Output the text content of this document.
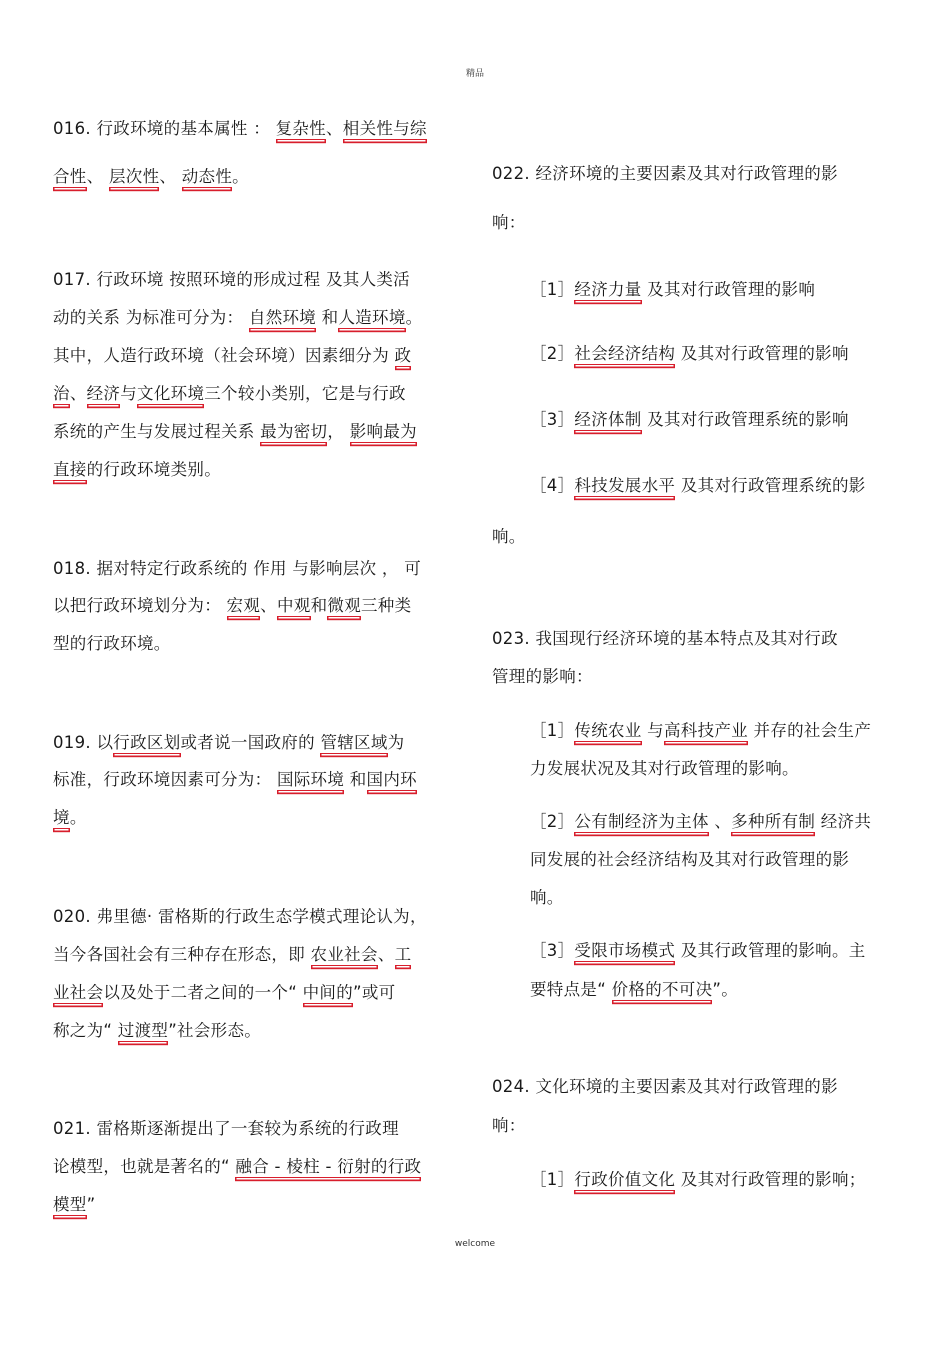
精品
016. 行政环境的基本属性 ： 复杂性、相关性与综
合性、 层次性、 动态性。
017. 行政环境 按照环境的形成过程 及其人类活
动的关系 为标准可分为： 自然环境 和人造环境。
其中，人造行政环境（社会环境）因素细分为 政
治、经济与文化环境三个较小类别，它是与行政
系统的产生与发展过程关系 最为密切， 影响最为
直接的行政环境类别。
018. 据对特定行政系统的 作用 与影响层次 ， 可
以把行政环境划分为： 宏观、中观和微观三种类
型的行政环境。
019. 以行政区划或者说一国政府的 管辖区域为
标准，行政环境因素可分为： 国际环境 和国内环
境。
020. 弗里德· 雷格斯的行政生态学模式理论认为，
当今各国社会有三种存在形态，即 农业社会、工
业社会以及处于二者之间的一个“ 中间的”或可
称之为“ 过渡型”社会形态。
021. 雷格斯逐渐提出了一套较为系统的行政理
论模型，也就是著名的“ 融合 - 棱柱 - 衍射的行政
模型”
022. 经济环境的主要因素及其对行政管理的影
响：
［1］经济力量 及其对行政管理的影响
［2］社会经济结构 及其对行政管理的影响
［3］经济体制 及其对行政管理系统的影响
［4］科技发展水平 及其对行政管理系统的影
响。
023. 我国现行经济环境的基本特点及其对行政
管理的影响：
［1］传统农业 与高科技产业 并存的社会生产
力发展状况及其对行政管理的影响。
［2］公有制经济为主体 、多种所有制 经济共
同发展的社会经济结构及其对行政管理的影
响。
［3］受限市场模式 及其行政管理的影响。主
要特点是“ 价格的不可决”。
024. 文化环境的主要因素及其对行政管理的影
响：
［1］行政价值文化 及其对行政管理的影响；
welcome
